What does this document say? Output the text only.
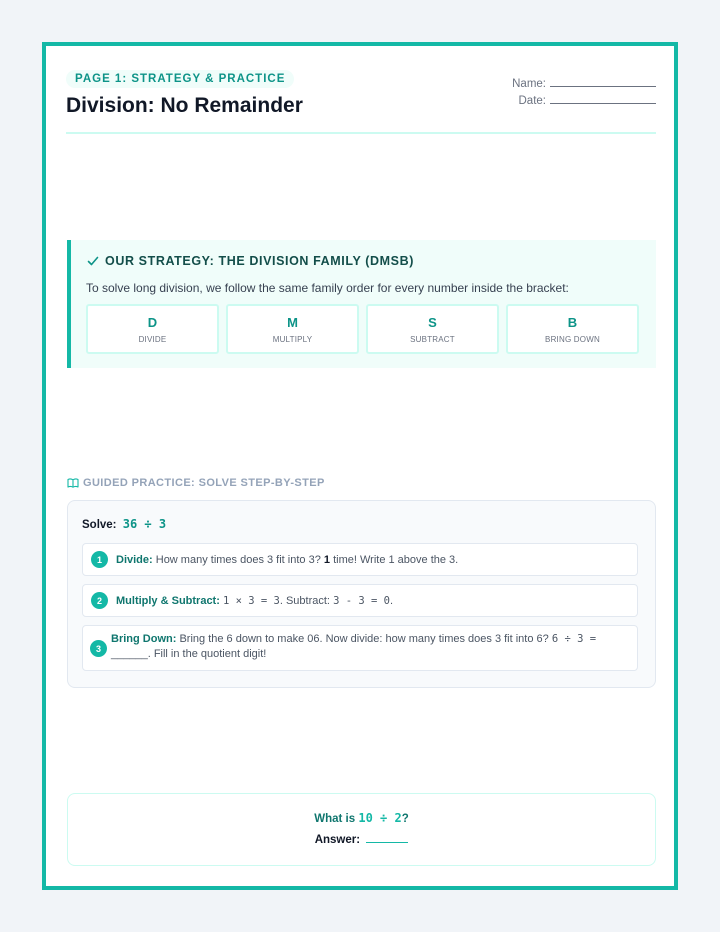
PAGE 1: STRATEGY & PRACTICE
Division: No Remainder
Name:
Date:
OUR STRATEGY: THE DIVISION FAMILY (DMSB)

To solve long division, we follow the same family order for every number inside the bracket:

D
DIVIDE
M
MULTIPLY
S
SUBTRACT
B
BRING DOWN
GUIDED PRACTICE: SOLVE STEP-BY-STEP
Solve: 36 ÷ 3
1	Divide: How many times does 3 fit into 3? 1 time! Write 1 above the 3.
2	Multiply & Subtract: 1 × 3 = 3. Subtract: 3 - 3 = 0.
3
Bring Down: Bring the 6 down to make 06. Now divide: how many times does 3 fit into 6? 6 ÷ 3 = ______. Fill in the quotient digit!
What is 10 ÷ 2?
Answer:
